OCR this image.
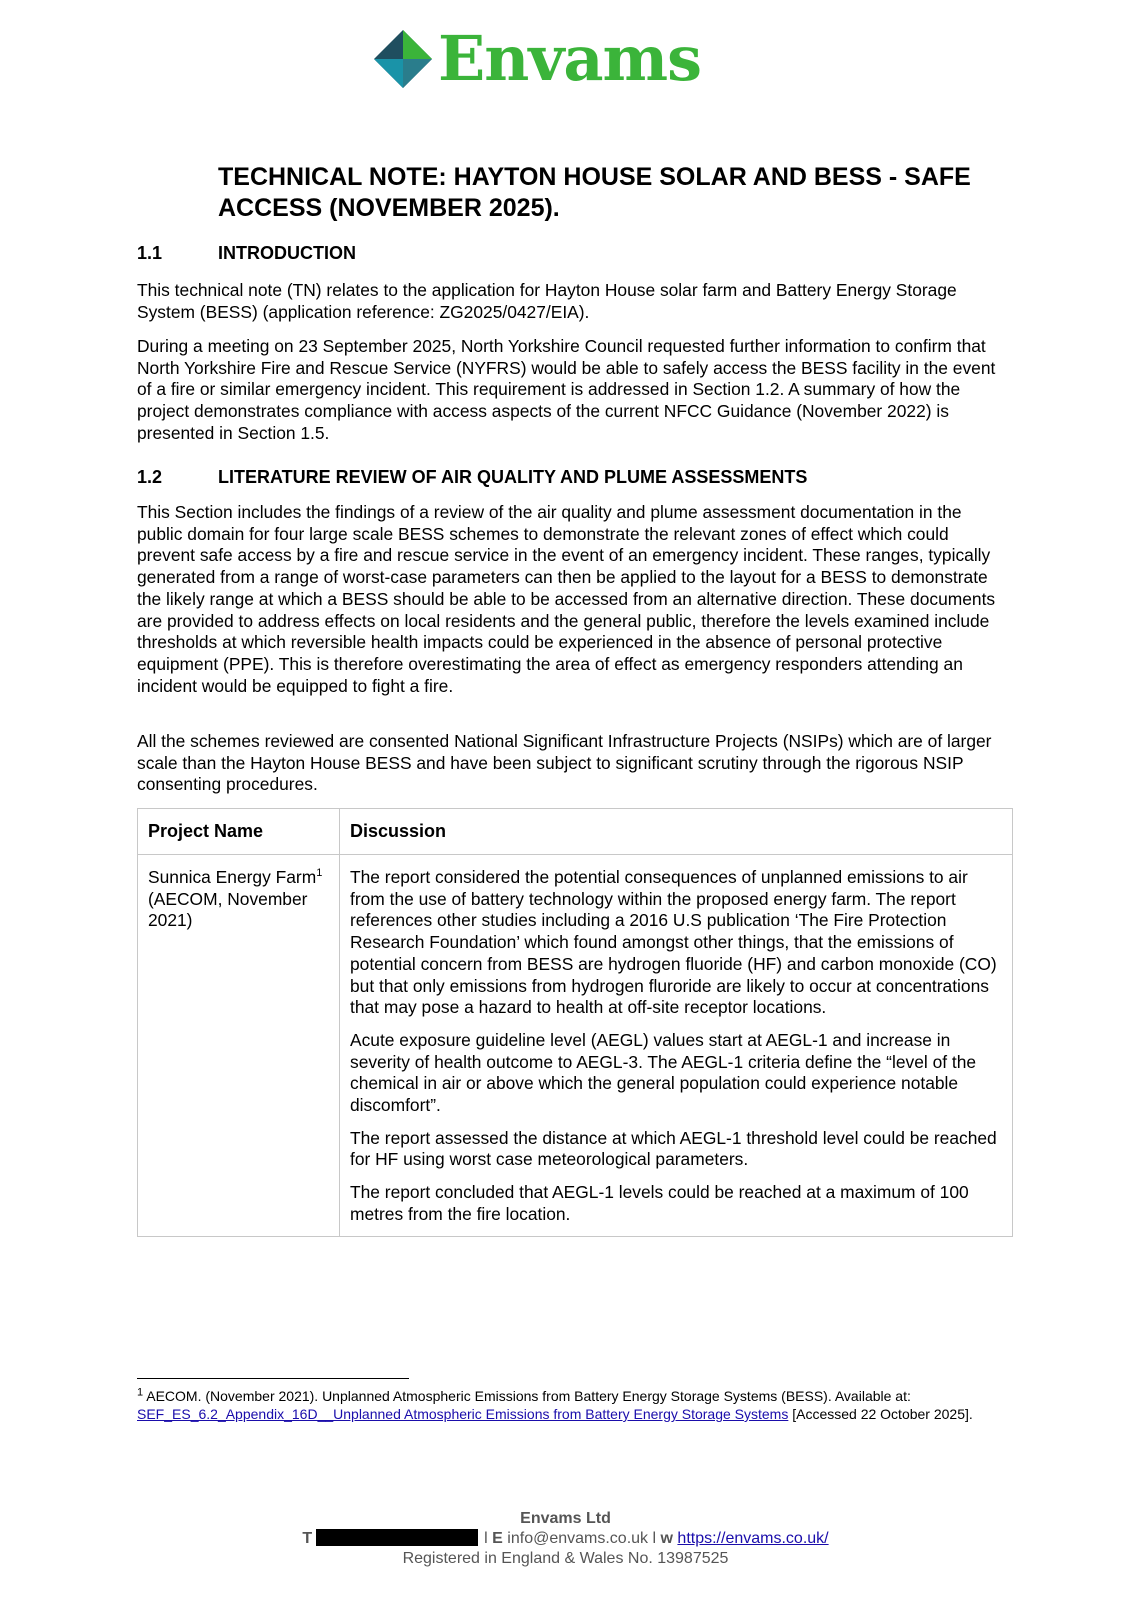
Envams
TECHNICAL NOTE: HAYTON HOUSE SOLAR AND BESS - SAFE ACCESS (NOVEMBER 2025).
1.1	INTRODUCTION

This technical note (TN) relates to the application for Hayton House solar farm and Battery Energy Storage System (BESS) (application reference: ZG2025/0427/EIA).

During a meeting on 23 September 2025, North Yorkshire Council requested further information to confirm that North Yorkshire Fire and Rescue Service (NYFRS) would be able to safely access the BESS facility in the event of a fire or similar emergency incident. This requirement is addressed in Section 1.2. A summary of how the project demonstrates compliance with access aspects of the current NFCC Guidance (November 2022) is presented in Section 1.5.

1.2	LITERATURE REVIEW OF AIR QUALITY AND PLUME ASSESSMENTS

This Section includes the findings of a review of the air quality and plume assessment documentation in the public domain for four large scale BESS schemes to demonstrate the relevant zones of effect which could prevent safe access by a fire and rescue service in the event of an emergency incident. These ranges, typically generated from a range of worst-case parameters can then be applied to the layout for a BESS to demonstrate the likely range at which a BESS should be able to be accessed from an alternative direction. These documents are provided to address effects on local residents and the general public, therefore the levels examined include thresholds at which reversible health impacts could be experienced in the absence of personal protective equipment (PPE). This is therefore overestimating the area of effect as emergency responders attending an incident would be equipped to fight a fire.

All the schemes reviewed are consented National Significant Infrastructure Projects (NSIPs) which are of larger scale than the Hayton House BESS and have been subject to significant scrutiny through the rigorous NSIP consenting procedures.

Project Name	Discussion
Sunnica Energy Farm$^1$ (AECOM, November 2021)	The report considered the potential consequences of unplanned emissions to air from the use of battery technology within the proposed energy farm. The report references other studies including a 2016 U.S publication ‘The Fire Protection Research Foundation’ which found amongst other things, that the emissions of potential concern from BESS are hydrogen fluoride (HF) and carbon monoxide (CO) but that only emissions from hydrogen fluroride are likely to occur at concentrations that may pose a hazard to health at off-site receptor locations.

Acute exposure guideline level (AEGL) values start at AEGL-1 and increase in severity of health outcome to AEGL-3. The AEGL-1 criteria define the “level of the chemical in air or above which the general population could experience notable discomfort”.

The report assessed the distance at which AEGL-1 threshold level could be reached for HF using worst case meteorological parameters.

The report concluded that AEGL-1 levels could be reached at a maximum of 100 metres from the fire location.

$^1$ AECOM. (November 2021). Unplanned Atmospheric Emissions from Battery Energy Storage Systems (BESS). Available at: SEF_ES_6.2_Appendix_16D__Unplanned Atmospheric Emissions from Battery Energy Storage Systems [Accessed 22 October 2025].

Envams Ltd
T	l E info@envams.co.uk l w https://envams.co.uk/
Registered in England & Wales No. 13987525
